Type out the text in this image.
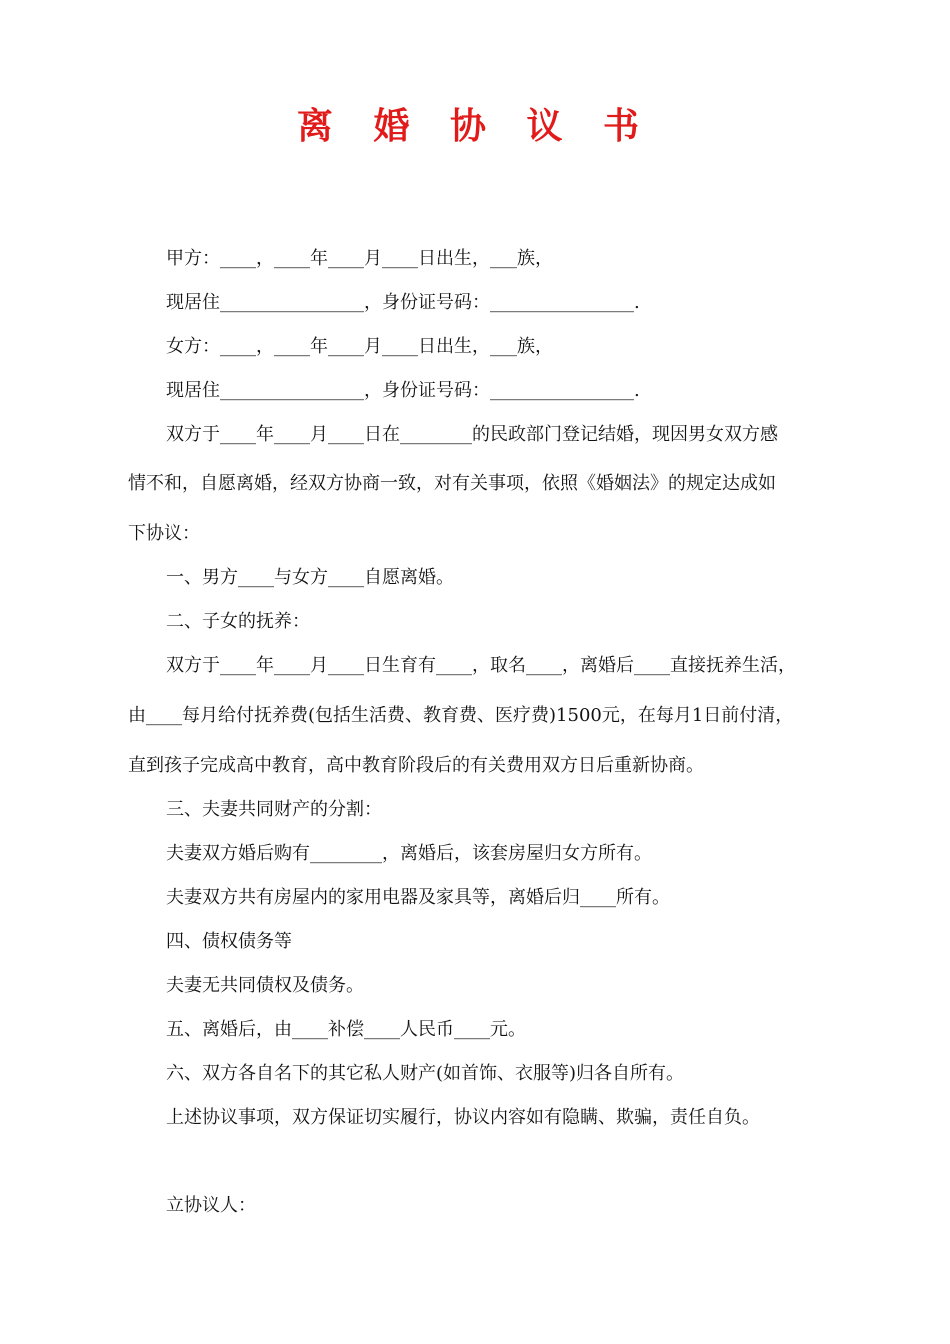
离 婚 协 议 书
甲方：____，____年____月____日出生，___族，
现居住________________，身份证号码：________________.
女方：____，____年____月____日出生，___族，
现居住________________，身份证号码：________________.
双方于____年____月____日在________的民政部门登记结婚，现因男女双方感
情不和，自愿离婚，经双方协商一致，对有关事项，依照《婚姻法》的规定达成如
下协议：
一、男方____与女方____自愿离婚。
二、子女的抚养：
双方于____年____月____日生育有____，取名____，离婚后____直接抚养生活，
由____每月给付抚养费(包括生活费、教育费、医疗费)1500元，在每月1日前付清，
直到孩子完成高中教育，高中教育阶段后的有关费用双方日后重新协商。
三、夫妻共同财产的分割：
夫妻双方婚后购有________，离婚后，该套房屋归女方所有。
夫妻双方共有房屋内的家用电器及家具等，离婚后归____所有。
四、债权债务等
夫妻无共同债权及债务。
五、离婚后，由____补偿____人民币____元。
六、双方各自名下的其它私人财产(如首饰、衣服等)归各自所有。
上述协议事项，双方保证切实履行，协议内容如有隐瞒、欺骗，责任自负。
立协议人：
